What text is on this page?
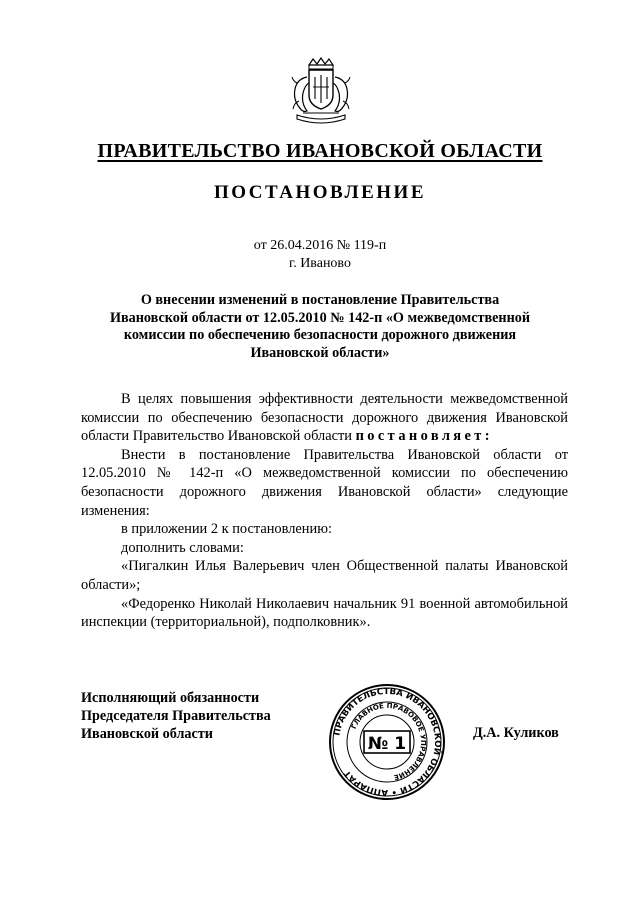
ПРАВИТЕЛЬСТВО ИВАНОВСКОЙ ОБЛАСТИ
ПОСТАНОВЛЕНИЕ
от 26.04.2016 № 119-п
г. Иваново
О внесении изменений в постановление Правительства
Ивановской области от 12.05.2010 № 142-п «О межведомственной
комиссии по обеспечению безопасности дорожного движения
Ивановской области»

В целях повышения эффективности деятельности межведомственной комиссии по обеспечению безопасности дорожного движения Ивановской области Правительство Ивановской области постановляет:

Внести в постановление Правительства Ивановской области от 12.05.2010 № 142-п «О межведомственной комиссии по обеспечению безопасности дорожного движения Ивановской области» следующие изменения:

в приложении 2 к постановлению:

дополнить словами:

«Пигалкин Илья Валерьевич член Общественной палаты Ивановской области»;

«Федоренко Николай Николаевич начальник 91 военной автомобильной инспекции (территориальной), подполковник».

Исполняющий обязанности
Председателя Правительства
Ивановской области	ПРАВИТЕЛЬСТВА ИВАНОВСКОЙ ОБЛАСТИ • АППАРАТ
ГЛАВНОЕ ПРАВОВОЕ УПРАВЛЕНИЕ
№ 1
Д.А. Куликов
